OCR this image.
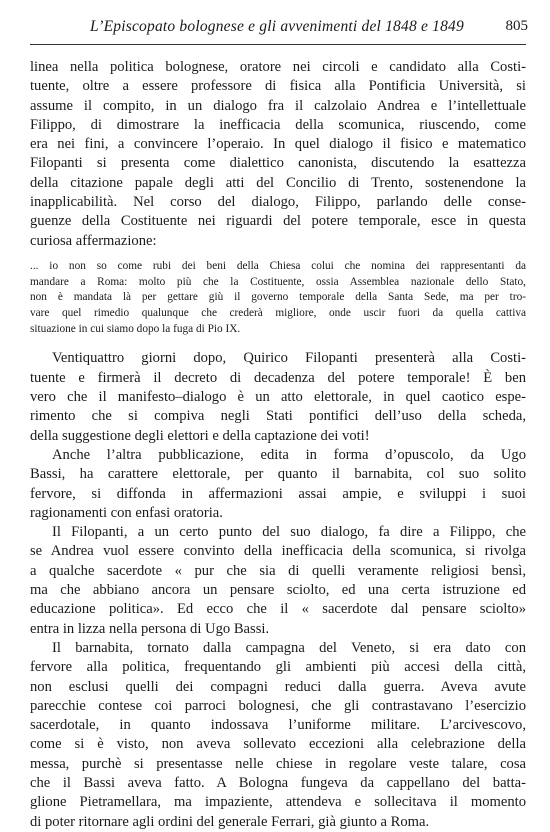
L’Episcopato bolognese e gli avvenimenti del 1848 e 1849	805

linea nella politica bolognese, oratore nei circoli e candidato alla Costi-

tuente, oltre a essere professore di fisica alla Pontificia Università, si

assume il compito, in un dialogo fra il calzolaio Andrea e l’intellettuale

Filippo, di dimostrare la inefficacia della scomunica, riuscendo, come

era nei fini, a convincere l’operaio. In quel dialogo il fisico e matematico

Filopanti si presenta come dialettico canonista, discutendo la esattezza

della citazione papale degli atti del Concilio di Trento, sostenendone la

inapplicabilità. Nel corso del dialogo, Filippo, parlando delle conse-

guenze della Costituente nei riguardi del potere temporale, esce in questa

curiosa affermazione:

... io non so come rubi dei beni della Chiesa colui che nomina dei rappresentanti da

mandare a Roma: molto più che la Costituente, ossia Assemblea nazionale dello Stato,

non è mandata là per gettare giù il governo temporale della Santa Sede, ma per tro-

vare quel rimedio qualunque che crederà migliore, onde uscir fuori da quella cattiva

situazione in cui siamo dopo la fuga di Pio IX.

Ventiquattro giorni dopo, Quirico Filopanti presenterà alla Costi-

tuente e firmerà il decreto di decadenza del potere temporale! È ben

vero che il manifesto–dialogo è un atto elettorale, in quel caotico espe-

rimento che si compiva negli Stati pontifici dell’uso della scheda,

della suggestione degli elettori e della captazione dei voti!

Anche l’altra pubblicazione, edita in forma d’opuscolo, da Ugo

Bassi, ha carattere elettorale, per quanto il barnabita, col suo solito

fervore, si diffonda in affermazioni assai ampie, e sviluppi i suoi

ragionamenti con enfasi oratoria.

Il Filopanti, a un certo punto del suo dialogo, fa dire a Filippo, che

se Andrea vuol essere convinto della inefficacia della scomunica, si rivolga

a qualche sacerdote « pur che sia di quelli veramente religiosi bensì,

ma che abbiano ancora un pensare sciolto, ed una certa istruzione ed

educazione politica». Ed ecco che il « sacerdote dal pensare sciolto»

entra in lizza nella persona di Ugo Bassi.

Il barnabita, tornato dalla campagna del Veneto, si era dato con

fervore alla politica, frequentando gli ambienti più accesi della città,

non esclusi quelli dei compagni reduci dalla guerra. Aveva avute

parecchie contese coi parroci bolognesi, che gli contrastavano l’esercizio

sacerdotale, in quanto indossava l’uniforme militare. L’arcivescovo,

come si è visto, non aveva sollevato eccezioni alla celebrazione della

messa, purchè si presentasse nelle chiese in regolare veste talare, cosa

che il Bassi aveva fatto. A Bologna fungeva da cappellano del batta-

glione Pietramellara, ma impaziente, attendeva e sollecitava il momento

di poter ritornare agli ordini del generale Ferrari, già giunto a Roma.
